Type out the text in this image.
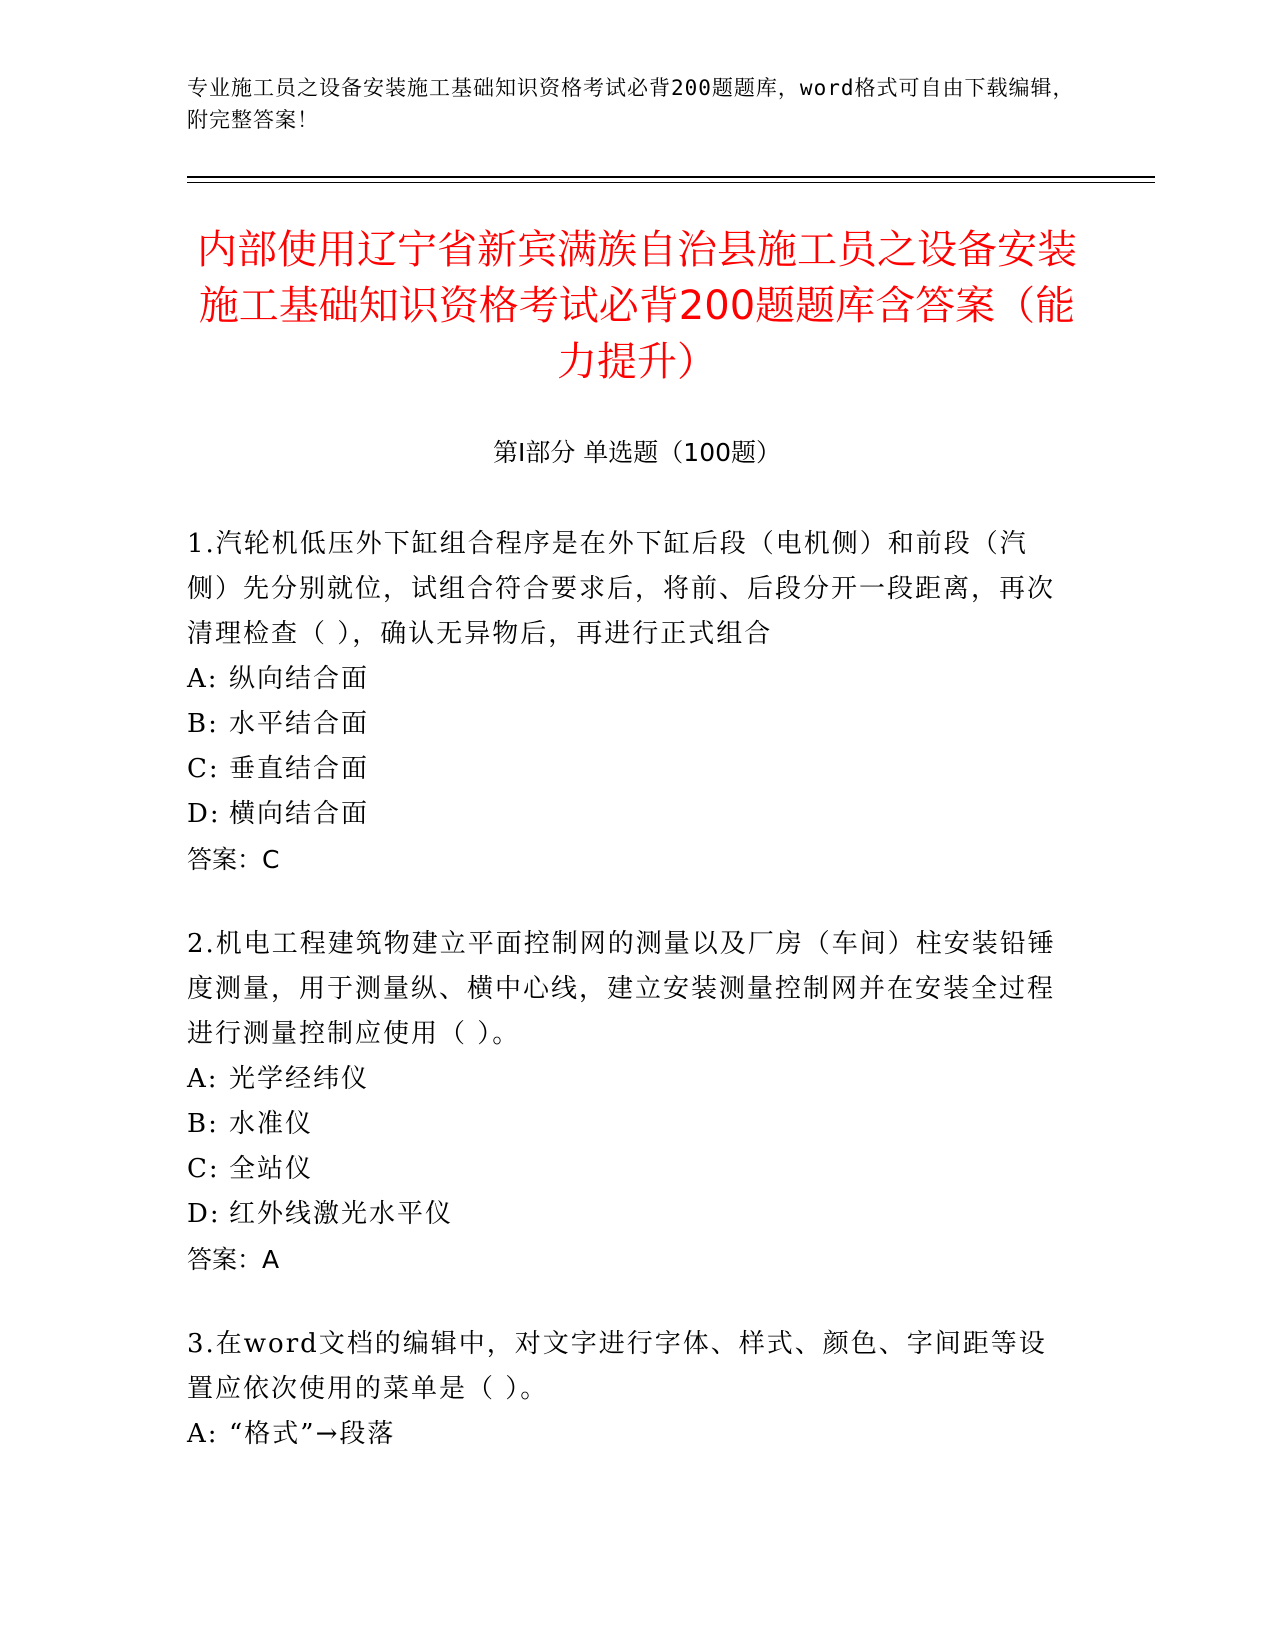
专业施工员之设备安装施工基础知识资格考试必背200题题库，word格式可自由下载编辑，附完整答案！
内部使用辽宁省新宾满族自治县施工员之设备安装施工基础知识资格考试必背200题题库含答案（能力提升）
第Ⅰ部分 单选题（100题）
1.汽轮机低压外下缸组合程序是在外下缸后段（电机侧）和前段（汽侧）先分别就位，试组合符合要求后，将前、后段分开一段距离，再次清理检查（ ），确认无异物后，再进行正式组合
A: 纵向结合面
B: 水平结合面
C: 垂直结合面
D: 横向结合面
答案：C
2.机电工程建筑物建立平面控制网的测量以及厂房（车间）柱安装铅锤度测量，用于测量纵、横中心线，建立安装测量控制网并在安装全过程进行测量控制应使用（ ）。
A: 光学经纬仪
B: 水准仪
C: 全站仪
D: 红外线激光水平仪
答案：A
3.在word文档的编辑中，对文字进行字体、样式、颜色、字间距等设置应依次使用的菜单是（ ）。
A: “格式”→段落
